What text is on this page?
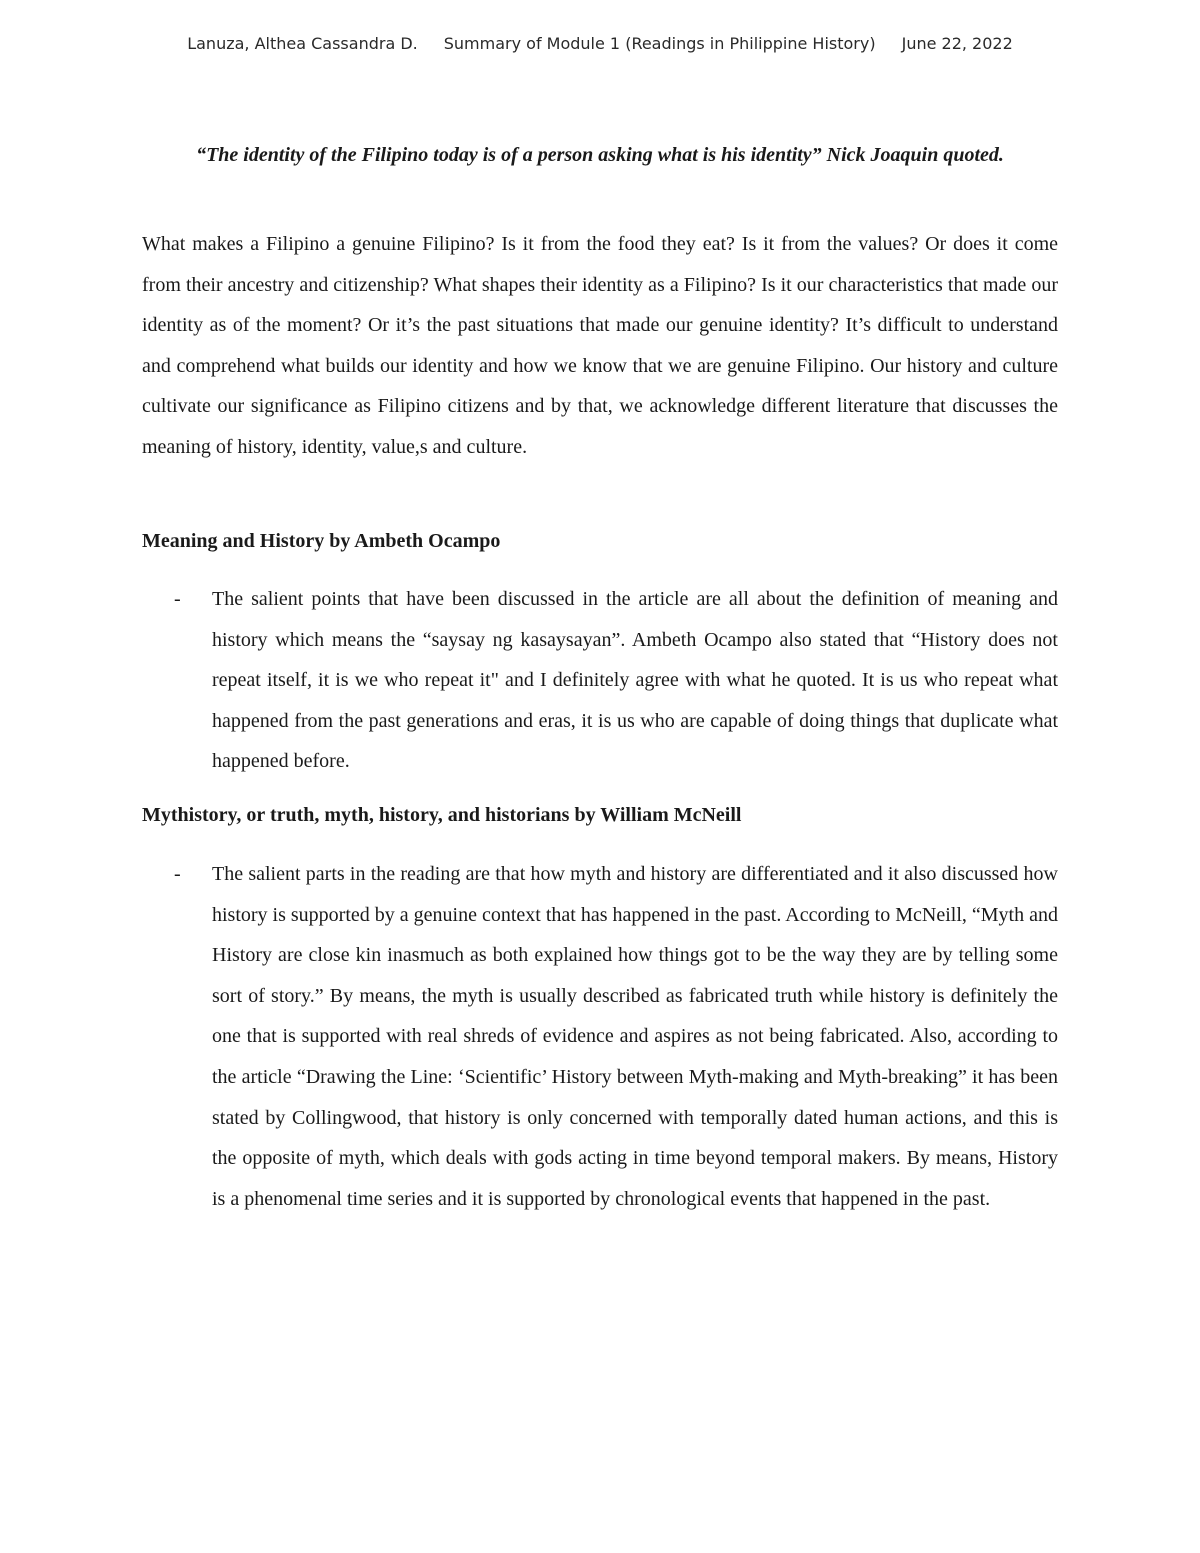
Lanuza, Althea Cassandra D. Summary of Module 1 (Readings in Philippine History) June 22, 2022
“The identity of the Filipino today is of a person asking what is his identity” Nick Joaquin quoted.

What makes a Filipino a genuine Filipino? Is it from the food they eat? Is it from the values? Or does it come from their ancestry and citizenship? What shapes their identity as a Filipino? Is it our characteristics that made our identity as of the moment? Or it’s the past situations that made our genuine identity? It’s difficult to understand and comprehend what builds our identity and how we know that we are genuine Filipino. Our history and culture cultivate our significance as Filipino citizens and by that, we acknowledge different literature that discusses the meaning of history, identity, value,s and culture.

Meaning and History by Ambeth Ocampo
- The salient points that have been discussed in the article are all about the definition of meaning and history which means the “saysay ng kasaysayan”. Ambeth Ocampo also stated that “History does not repeat itself, it is we who repeat it" and I definitely agree with what he quoted. It is us who repeat what happened from the past generations and eras, it is us who are capable of doing things that duplicate what happened before.

Mythistory, or truth, myth, history, and historians by William McNeill
- The salient parts in the reading are that how myth and history are differentiated and it also discussed how history is supported by a genuine context that has happened in the past. According to McNeill, “Myth and History are close kin inasmuch as both explained how things got to be the way they are by telling some sort of story.” By means, the myth is usually described as fabricated truth while history is definitely the one that is supported with real shreds of evidence and aspires as not being fabricated. Also, according to the article “Drawing the Line: ‘Scientific’ History between Myth-making and Myth-breaking” it has been stated by Collingwood, that history is only concerned with temporally dated human actions, and this is the opposite of myth, which deals with gods acting in time beyond temporal makers. By means, History is a phenomenal time series and it is supported by chronological events that happened in the past.
